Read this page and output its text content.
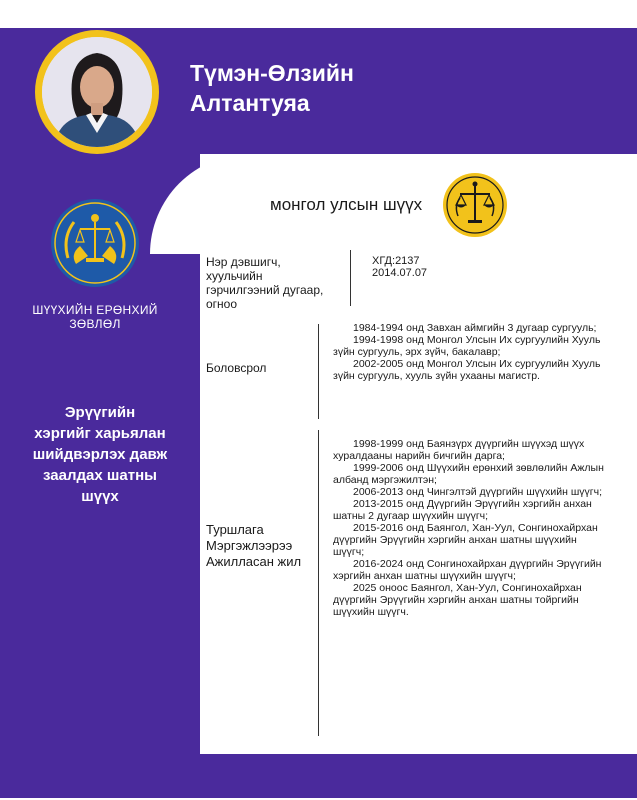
Түмэн-Өлзийн
Алтантуяа
ШҮҮХИЙН ЕРӨНХИЙ
ЗӨВЛӨЛ
Эрүүгийн
хэргийг харьялан
шийдвэрлэх давж
заалдах шатны
шүүх
монгол улсын шүүх
Нэр дэвшигч,
хуульчийн
гэрчилгээний дугаар,
огноо
ХГД:2137
2014.07.07
Боловсрол

1984-1994 онд Завхан аймгийн 3 дугаар сургууль;

1994-1998 онд Монгол Улсын Их сургуулийн Хууль зүйн сургууль, эрх зүйч, бакалавр;

2002-2005 онд Монгол Улсын Их сургуулийн Хууль зүйн сургууль, хууль зүйн ухааны магистр.

Туршлага
Мэргэжлээрээ
Ажилласан жил

1998-1999 онд Баянзүрх дүүргийн шүүхэд шүүх хуралдааны нарийн бичгийн дарга;

1999-2006 онд Шүүхийн ерөнхий зөвлөлийн Ажлын албанд мэргэжилтэн;

2006-2013 онд Чингэлтэй дүүргийн шүүхийн шүүгч;

2013-2015 онд Дүүргийн Эрүүгийн хэргийн анхан шатны 2 дугаар шүүхийн шүүгч;

2015-2016 онд Баянгол, Хан-Уул, Сонгинохайрхан дүүргийн Эрүүгийн хэргийн анхан шатны шүүхийн шүүгч;

2016-2024 онд Сонгинохайрхан дүүргийн Эрүүгийн хэргийн анхан шатны шүүхийн шүүгч;

2025 оноос Баянгол, Хан-Уул, Сонгинохайрхан дүүргийн Эрүүгийн хэргийн анхан шатны тойргийн шүүхийн шүүгч.
